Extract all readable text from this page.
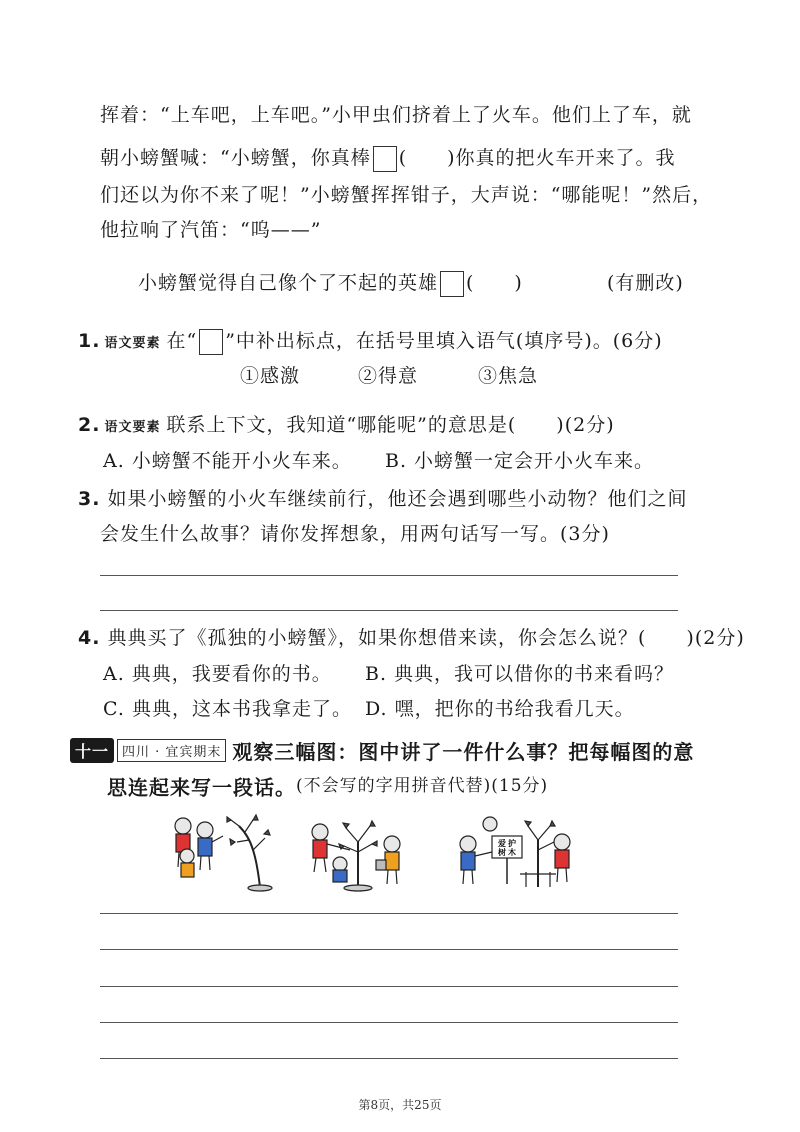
挥着：“上车吧，上车吧。”小甲虫们挤着上了火车。他们上了车，就
朝小螃蟹喊：“小螃蟹，你真棒 (　　)你真的把火车开来了。我
们还以为你不来了呢！”小螃蟹挥挥钳子，大声说：“哪能呢！”然后，
他拉响了汽笛：“呜——”
小螃蟹觉得自己像个了不起的英雄 (　　)	(有删改)
1. 语文要素 在“ ”中补出标点，在括号里填入语气(填序号)。(6分)
①感激	②得意	③焦急
2. 语文要素 联系上下文，我知道“哪能呢”的意思是(　　)(2分)
A. 小螃蟹不能开小火车来。 B. 小螃蟹一定会开小火车来。
3. 如果小螃蟹的小火车继续前行，他还会遇到哪些小动物？他们之间
会发生什么故事？请你发挥想象，用两句话写一写。(3分)
4. 典典买了《孤独的小螃蟹》，如果你想借来读，你会怎么说？(　　)(2分)
A. 典典，我要看你的书。 B. 典典，我可以借你的书来看吗？
C. 典典，这本书我拿走了。 D. 嘿，把你的书给我看几天。
十一 四川 · 宜宾期末 观察三幅图：图中讲了一件什么事？把每幅图的意
思连起来写一段话。(不会写的字用拼音代替)(15分)
爱 护
树 木
第8页，共25页
